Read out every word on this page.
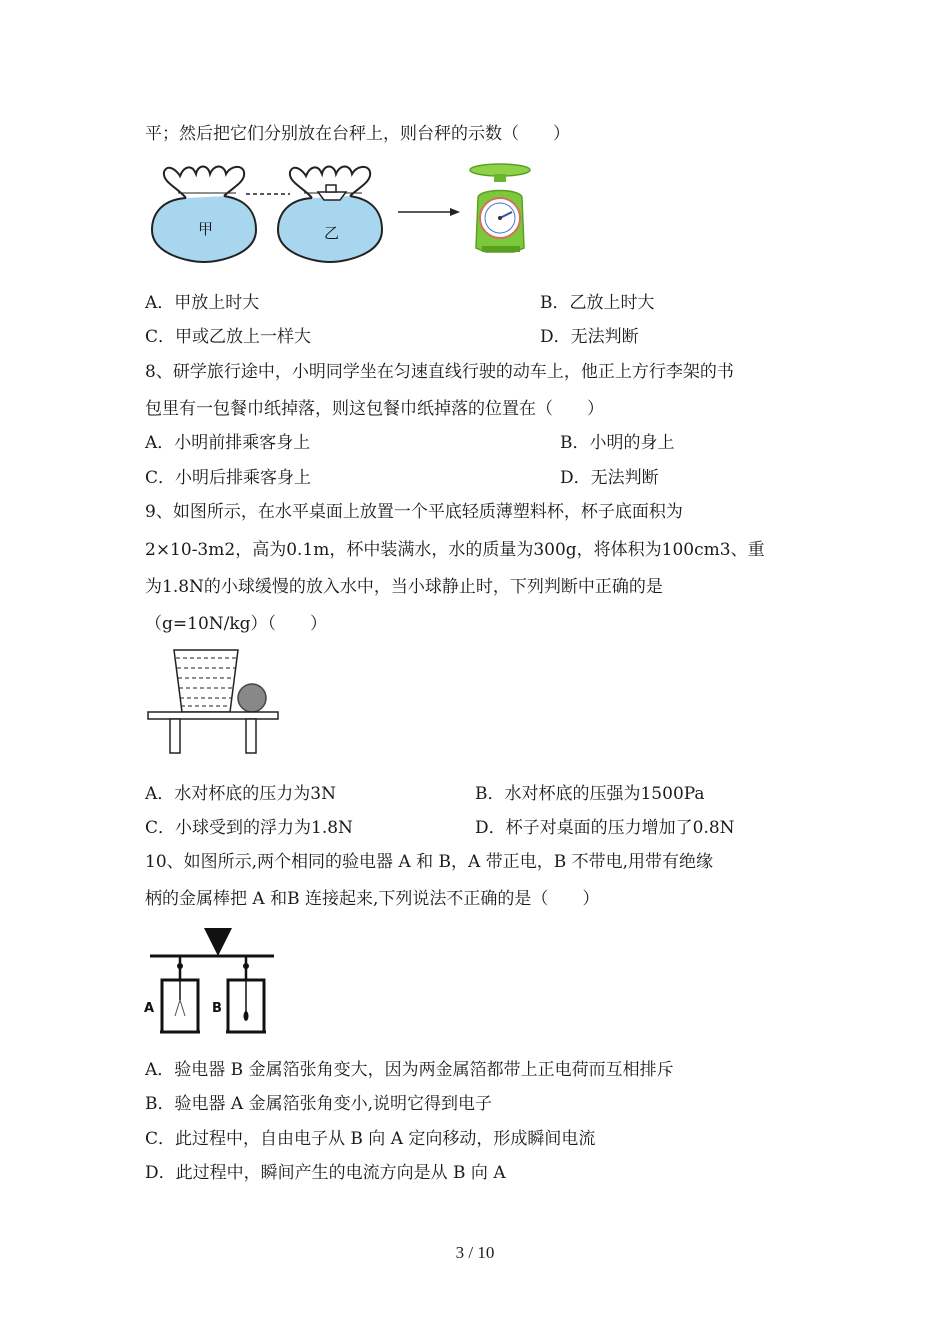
平；然后把它们分别放在台秤上，则台秤的示数（　　）
甲	乙
A．甲放上时大	B．乙放上时大
C．甲或乙放上一样大	D．无法判断
8、研学旅行途中，小明同学坐在匀速直线行驶的动车上，他正上方行李架的书
包里有一包餐巾纸掉落，则这包餐巾纸掉落的位置在（　　）
A．小明前排乘客身上	B．小明的身上
C．小明后排乘客身上	D．无法判断
9、如图所示，在水平桌面上放置一个平底轻质薄塑料杯，杯子底面积为
2×10-3m2，高为0.1m，杯中装满水，水的质量为300g，将体积为100cm3、重
为1.8N的小球缓慢的放入水中，当小球静止时，下列判断中正确的是
（g=10N/kg）（　　）
A．水对杯底的压力为3N	B．水对杯底的压强为1500Pa
C．小球受到的浮力为1.8N	D．杯子对桌面的压力增加了0.8N
10、如图所示,两个相同的验电器 A 和 B，A 带正电，B 不带电,用带有绝缘
柄的金属棒把 A 和B 连接起来,下列说法不正确的是（　　）
A	B
A．验电器 B 金属箔张角变大，因为两金属箔都带上正电荷而互相排斥
B．验电器 A 金属箔张角变小,说明它得到电子
C．此过程中，自由电子从 B 向 A 定向移动，形成瞬间电流
D．此过程中，瞬间产生的电流方向是从 B 向 A
3 / 10
